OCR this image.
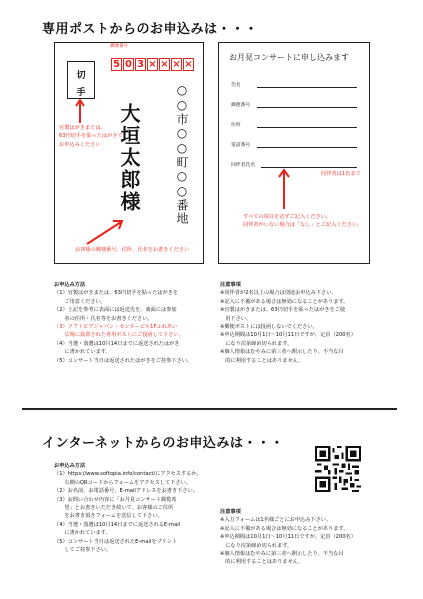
専用ポストからのお申込みは・・・
郵便番号
5 0 3 × × × ×
切
手
官製はがきまたは、
63円切手を貼ったはがきで
お申込みください	○○市○○町○○番地
大垣太郎様
お客様の郵便番号、住所、氏名をお書きください
お月見コンサートに申し込みます
氏名
郵便番号
住所
電話番号
同伴者氏名
同伴者は1名まで
すべての項目を必ずご記入ください。
同伴者がいない場合は「なし」とご記入ください。
お申込み方法
（1）官製はがきまたは、63円切手を貼ったはがきを
　　ご用意ください。
（2）上記を参考に表面には返送先を、裏面には参加
　　者の住所・氏名等をお書きください。
（3）ソフトピアジャパン・センタービル1Fふれあい
　　広場に設置された専用ポストにご投函して下さい。
（4）当選・落選は10月14日までに返送されたはがき
　　に書かれています。
（5）コンサート当日は返送されたはがきをご持参下さい。
注意事項
※同伴者が2名以上の場合は別途お申込み下さい。
※記入に不備がある場合は無効になることがあります。
※官製はがきまたは、63円切手を貼ったはがきをご使
　用下さい。
※郵便ポストには投函しないでください。
※申込期間は10月1日～10月11日ですが、定員（200名）
　になり次第締め切られます。
※個人情報はむやみに第三者へ開示したり、不当な目
　的に利用することはありません。
インターネットからのお申込みは・・・
お申込み方法
（1）https://www.softopia.info/contact/にアクセスするか、
　　右側のQRコードからフォームをアクセスして下さい。
（2）お名前、お電話番号、E-mailアドレスをお書き下さい。
（3）お問い合わせ内容に「お月見コンサート観覧希
　　望」とお書きいただき続いて、お客様のご住所
　　をお書き頂きフォームを送信して下さい。
（4）当選・落選は10月14日までに返送されるE-mail
　　に書かれています。
（5）コンサート当日は返送されたE-mailをプリント
　　してご持参下さい。
注意事項
※入力フォームは1名様ごとにお申込み下さい。
※記入に不備がある場合は無効になることがあります。
※申込期間は10月1日～10月11日ですが、定員（200名）
　になり次第締め切られます。
※個人情報はむやみに第三者へ開示したり、不当な目
　的に利用することはありません。
